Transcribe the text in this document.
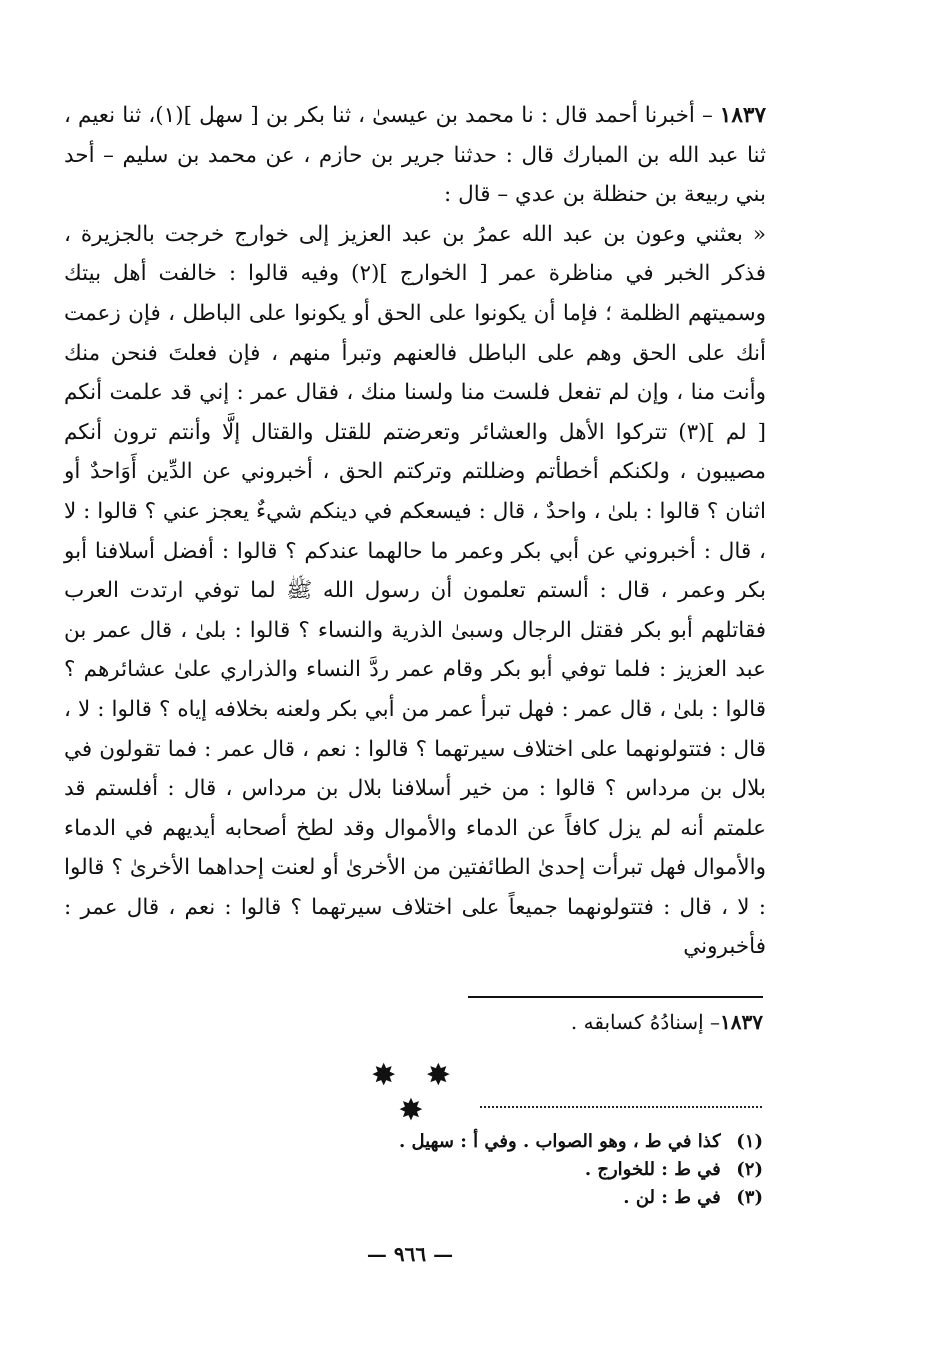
١٨٣٧ – أخبرنا أحمد قال : نا محمد بن عيسىٰ ، ثنا بكر بن [ سهل ](١)، ثنا نعيم ، ثنا عبد الله بن المبارك قال : حدثنا جرير بن حازم ، عن محمد بن سليم – أحد بني ربيعة بن حنظلة بن عدي – قال :

« بعثني وعون بن عبد الله عمرُ بن عبد العزيز إلى خوارج خرجت بالجزيرة ، فذكر الخبر في مناظرة عمر [ الخوارج ](٢) وفيه قالوا : خالفت أهل بيتك وسميتهم الظلمة ؛ فإما أن يكونوا على الحق أو يكونوا على الباطل ، فإن زعمت أنك على الحق وهم على الباطل فالعنهم وتبرأ منهم ، فإن فعلتَ فنحن منك وأنت منا ، وإن لم تفعل فلست منا ولسنا منك ، فقال عمر : إني قد علمت أنكم [ لم ](٣) تتركوا الأهل والعشائر وتعرضتم للقتل والقتال إلَّا وأنتم ترون أنكم مصيبون ، ولكنكم أخطأتم وضللتم وتركتم الحق ، أخبروني عن الدِّين أَوَاحدٌ أو اثنان ؟ قالوا : بلىٰ ، واحدٌ ، قال : فيسعكم في دينكم شيءٌ يعجز عني ؟ قالوا : لا ، قال : أخبروني عن أبي بكر وعمر ما حالهما عندكم ؟ قالوا : أفضل أسلافنا أبو بكر وعمر ، قال : ألستم تعلمون أن رسول الله ﷺ لما توفي ارتدت العرب فقاتلهم أبو بكر فقتل الرجال وسبىٰ الذرية والنساء ؟ قالوا : بلىٰ ، قال عمر بن عبد العزيز : فلما توفي أبو بكر وقام عمر ردَّ النساء والذراري علىٰ عشائرهم ؟ قالوا : بلىٰ ، قال عمر : فهل تبرأ عمر من أبي بكر ولعنه بخلافه إياه ؟ قالوا : لا ، قال : فتتولونهما على اختلاف سيرتهما ؟ قالوا : نعم ، قال عمر : فما تقولون في بلال بن مرداس ؟ قالوا : من خير أسلافنا بلال بن مرداس ، قال : أفلستم قد علمتم أنه لم يزل كافاً عن الدماء والأموال وقد لطخ أصحابه أيديهم في الدماء والأموال فهل تبرأت إحدىٰ الطائفتين من الأخرىٰ أو لعنت إحداهما الأخرىٰ ؟ قالوا : لا ، قال : فتتولونهما جميعاً على اختلاف سيرتهما ؟ قالوا : نعم ، قال عمر : فأخبروني

١٨٣٧– إسنادُهُ كسابقه .
✸ ✸ ✸
(١) كذا في ط ، وهو الصواب . وفي أ : سهيل .
(٢) في ط : للخوارج .
(٣) في ط : لن .
— ٩٦٦ —
